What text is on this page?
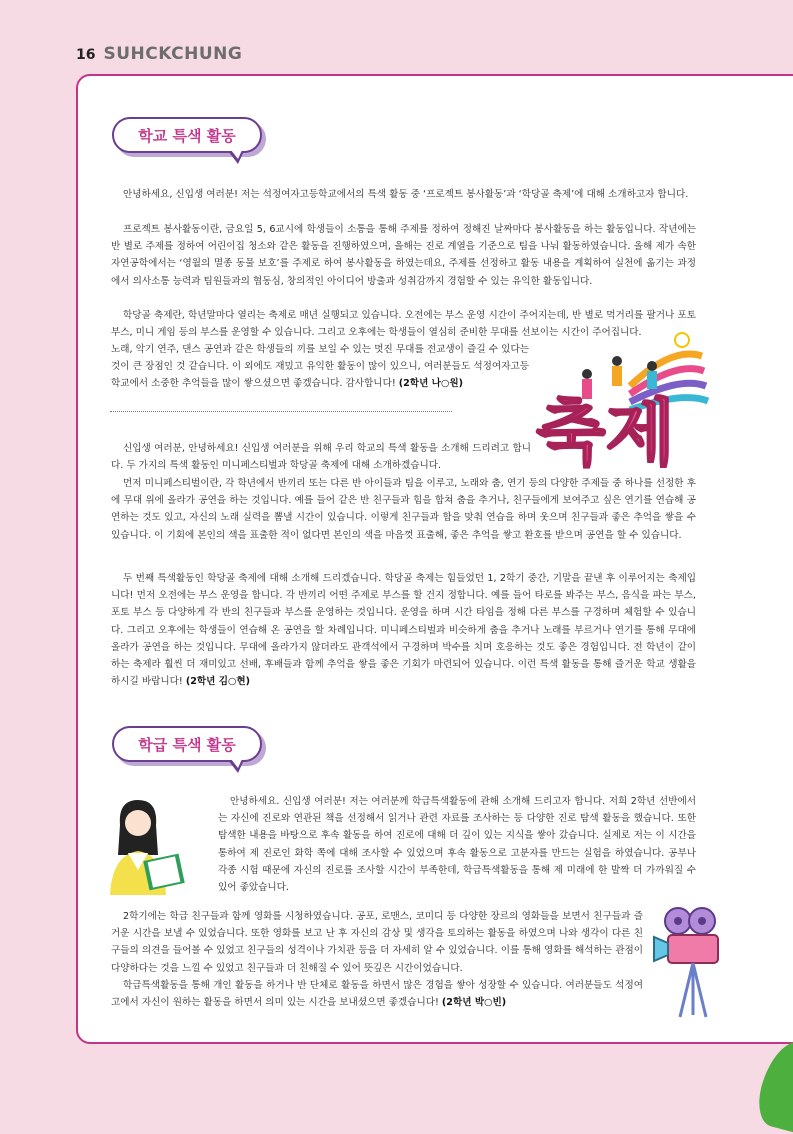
16 SUHCKCHUNG
학교 특색 활동

안녕하세요, 신입생 여러분! 저는 석정여자고등학교에서의 특색 활동 중 ‘프로젝트 봉사활동’과 ‘학당골 축제’에 대해 소개하고자 합니다.

프로젝트 봉사활동이란, 금요일 5, 6교시에 학생들이 소통을 통해 주제를 정하여 정해진 날짜마다 봉사활동을 하는 활동입니다. 작년에는 반 별로 주제를 정하여 어린이집 청소와 같은 활동을 진행하였으며, 올해는 진로 계열을 기준으로 팀을 나눠 활동하였습니다. 올해 제가 속한 자연공학에서는 ‘영월의 멸종 동물 보호’를 주제로 하여 봉사활동을 하였는데요, 주제를 선정하고 활동 내용을 계획하여 실천에 옮기는 과정에서 의사소통 능력과 팀원들과의 협동심, 창의적인 아이디어 방출과 성취감까지 경험할 수 있는 유익한 활동입니다.

학당골 축제란, 학년말마다 열리는 축제로 매년 실행되고 있습니다. 오전에는 부스 운영 시간이 주어지는데, 반 별로 먹거리를 팔거나 포토부스, 미니 게임 등의 부스를 운영할 수 있습니다. 그리고 오후에는 학생들이 열심히 준비한 무대를 선보이는 시간이 주어집니다.

노래, 악기 연주, 댄스 공연과 같은 학생들의 끼를 보일 수 있는 멋진 무대를 전교생이 즐길 수 있다는 것이 큰 장점인 것 같습니다. 이 외에도 재밌고 유익한 활동이 많이 있으니, 여러분들도 석정여자고등학교에서 소중한 추억들을 많이 쌓으셨으면 좋겠습니다. 감사합니다! (2학년 나○원)

축제

신입생 여러분, 안녕하세요! 신입생 여러분을 위해 우리 학교의 특색 활동을 소개해 드리려고 합니다. 두 가지의 특색 활동인 미니페스티벌과 학당골 축제에 대해 소개하겠습니다.

먼저 미니페스티벌이란, 각 학년에서 반끼리 또는 다른 반 아이들과 팀을 이루고, 노래와 춤, 연기 등의 다양한 주제들 중 하나를 선정한 후에 무대 위에 올라가 공연을 하는 것입니다. 예를 들어 같은 반 친구들과 힘을 합쳐 춤을 추거나, 친구들에게 보여주고 싶은 연기를 연습해 공연하는 것도 있고, 자신의 노래 실력을 뽐낼 시간이 있습니다. 이렇게 친구들과 합을 맞춰 연습을 하며 웃으며 친구들과 좋은 추억을 쌓을 수 있습니다. 이 기회에 본인의 색을 표출한 적이 없다면 본인의 색을 마음껏 표출해, 좋은 추억을 쌓고 환호를 받으며 공연을 할 수 있습니다.

두 번째 특색활동인 학당골 축제에 대해 소개해 드리겠습니다. 학당골 축제는 힘들었던 1, 2학기 중간, 기말을 끝낸 후 이루어지는 축제입니다! 먼저 오전에는 부스 운영을 합니다. 각 반끼리 어떤 주제로 부스를 할 건지 정합니다. 예를 들어 타로를 봐주는 부스, 음식을 파는 부스, 포토 부스 등 다양하게 각 반의 친구들과 부스를 운영하는 것입니다. 운영을 하며 시간 타임을 정해 다른 부스를 구경하며 체험할 수 있습니다. 그리고 오후에는 학생들이 연습해 온 공연을 할 차례입니다. 미니페스티벌과 비슷하게 춤을 추거나 노래를 부르거나 연기를 통해 무대에 올라가 공연을 하는 것입니다. 무대에 올라가지 않더라도 관객석에서 구경하며 박수를 치며 호응하는 것도 좋은 경험입니다. 전 학년이 같이 하는 축제라 훨씬 더 재미있고 선배, 후배들과 함께 추억을 쌓을 좋은 기회가 마련되어 있습니다. 이런 특색 활동을 통해 즐거운 학교 생활을 하시길 바랍니다! (2학년 김○현)

학급 특색 활동

안녕하세요. 신입생 여러분! 저는 여러분께 학급특색활동에 관해 소개해 드리고자 합니다. 저희 2학년 선반에서는 자신에 진로와 연관된 책을 선정해서 읽거나 관련 자료를 조사하는 등 다양한 진로 탐색 활동을 했습니다. 또한 탐색한 내용을 바탕으로 후속 활동을 하여 진로에 대해 더 깊이 있는 지식을 쌓아 갔습니다. 실제로 저는 이 시간을 통하여 제 진로인 화학 쪽에 대해 조사할 수 있었으며 후속 활동으로 고분자를 만드는 실험을 하였습니다. 공부나 각종 시험 때문에 자신의 진로를 조사할 시간이 부족한데, 학급특색활동을 통해 제 미래에 한 발짝 더 가까워질 수 있어 좋았습니다.

2학기에는 학급 친구들과 함께 영화를 시청하였습니다. 공포, 로맨스, 코미디 등 다양한 장르의 영화들을 보면서 친구들과 즐거운 시간을 보낼 수 있었습니다. 또한 영화를 보고 난 후 자신의 감상 및 생각을 토의하는 활동을 하였으며 나와 생각이 다른 친구들의 의견을 들어볼 수 있었고 친구들의 성격이나 가치관 등을 더 자세히 알 수 있었습니다. 이를 통해 영화를 해석하는 관점이 다양하다는 것을 느낄 수 있었고 친구들과 더 친해질 수 있어 뜻깊은 시간이었습니다.

학급특색활동을 통해 개인 활동을 하거나 반 단체로 활동을 하면서 많은 경험을 쌓아 성장할 수 있습니다. 여러분들도 석정여고에서 자신이 원하는 활동을 하면서 의미 있는 시간을 보내셨으면 좋겠습니다! (2학년 박○빈)
